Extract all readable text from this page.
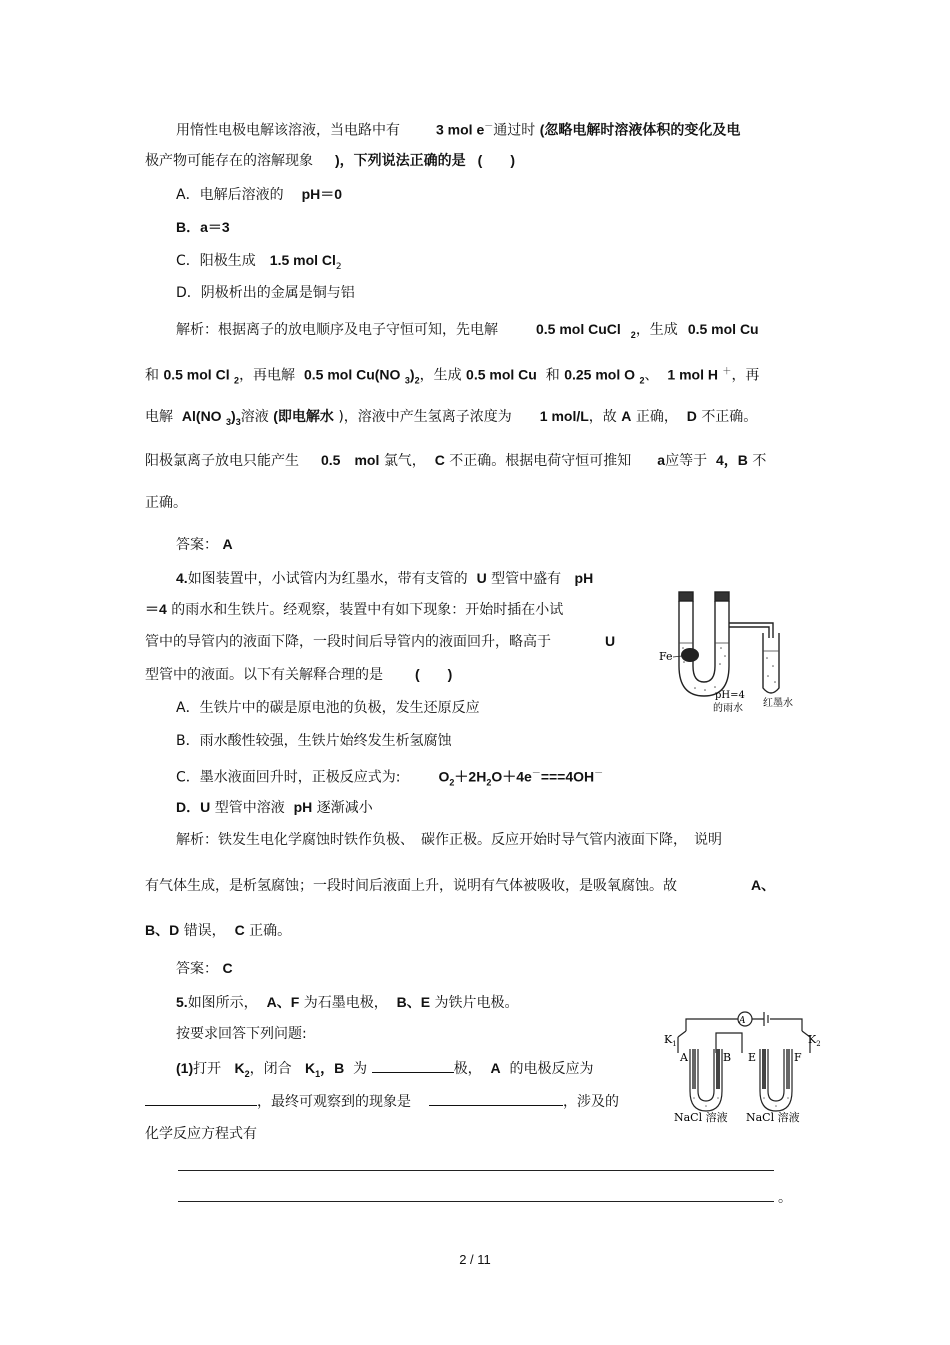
用惰性电极电解该溶液，当电路中有	3 mol e－通过时 (忽略电解时溶液体积的变化及电
极产物可能存在的溶解现象 )，下列说法正确的是 (　　)
A．电解后溶液的 pH＝0
B．a＝3
C．阳极生成 1.5 mol $Cl_2$
D．阴极析出的金属是铜与铝
解析：根据离子的放电顺序及电子守恒可知，先电解	0.5 mol CuCl $_2$，生成 0.5 mol Cu
和 0.5 mol Cl $_2$，再电解 0.5 mol Cu(NO $_3)_2$，生成 0.5 mol Cu 和 0.25 mol O $_2$、 1 mol H ＋，再
电解 Al(NO $_3)_3$溶液 (即电解水 )，溶液中产生氢离子浓度为 1 mol/L，故 A 正确， D 不正确。
阳极氯离子放电只能产生 0.5　mol 氯气， C 不正确。根据电荷守恒可推知 a应等于 4，B 不
正确。
答案： A
4.如图装置中，小试管内为红墨水，带有支管的 U 型管中盛有 pH
＝4 的雨水和生铁片。经观察，装置中有如下现象：开始时插在小试
管中的导管内的液面下降，一段时间后导管内的液面回升，略高于	U
型管中的液面。以下有关解释合理的是 (　　)
A．生铁片中的碳是原电池的负极，发生还原反应
B．雨水酸性较强，生铁片始终发生析氢腐蚀
C．墨水液面回升时，正极反应式为:	$O_2+2H_2O+4e^-===4OH^-$
D．U 型管中溶液 pH 逐渐减小
解析：铁发生电化学腐蚀时铁作负极、　碳作正极。反应开始时导气管内液面下降，　说明
有气体生成，是析氢腐蚀；一段时间后液面上升，说明有气体被吸收，是吸氧腐蚀。故	A、
B、D 错误， C 正确。
答案： C
5.如图所示， A、F 为石墨电极， B、E 为铁片电极。
按要求回答下列问题:
(1)打开 $K_2$，闭合 $K_1$，B 为	极， A 的电极反应为
，最终可观察到的现象是	，涉及的
化学反应方程式有
。
Fe
pH=4
的雨水 红墨水
A
$K_1$	$K_2$
A	B E	F
NaCl 溶液 NaCl 溶液
2 / 11
